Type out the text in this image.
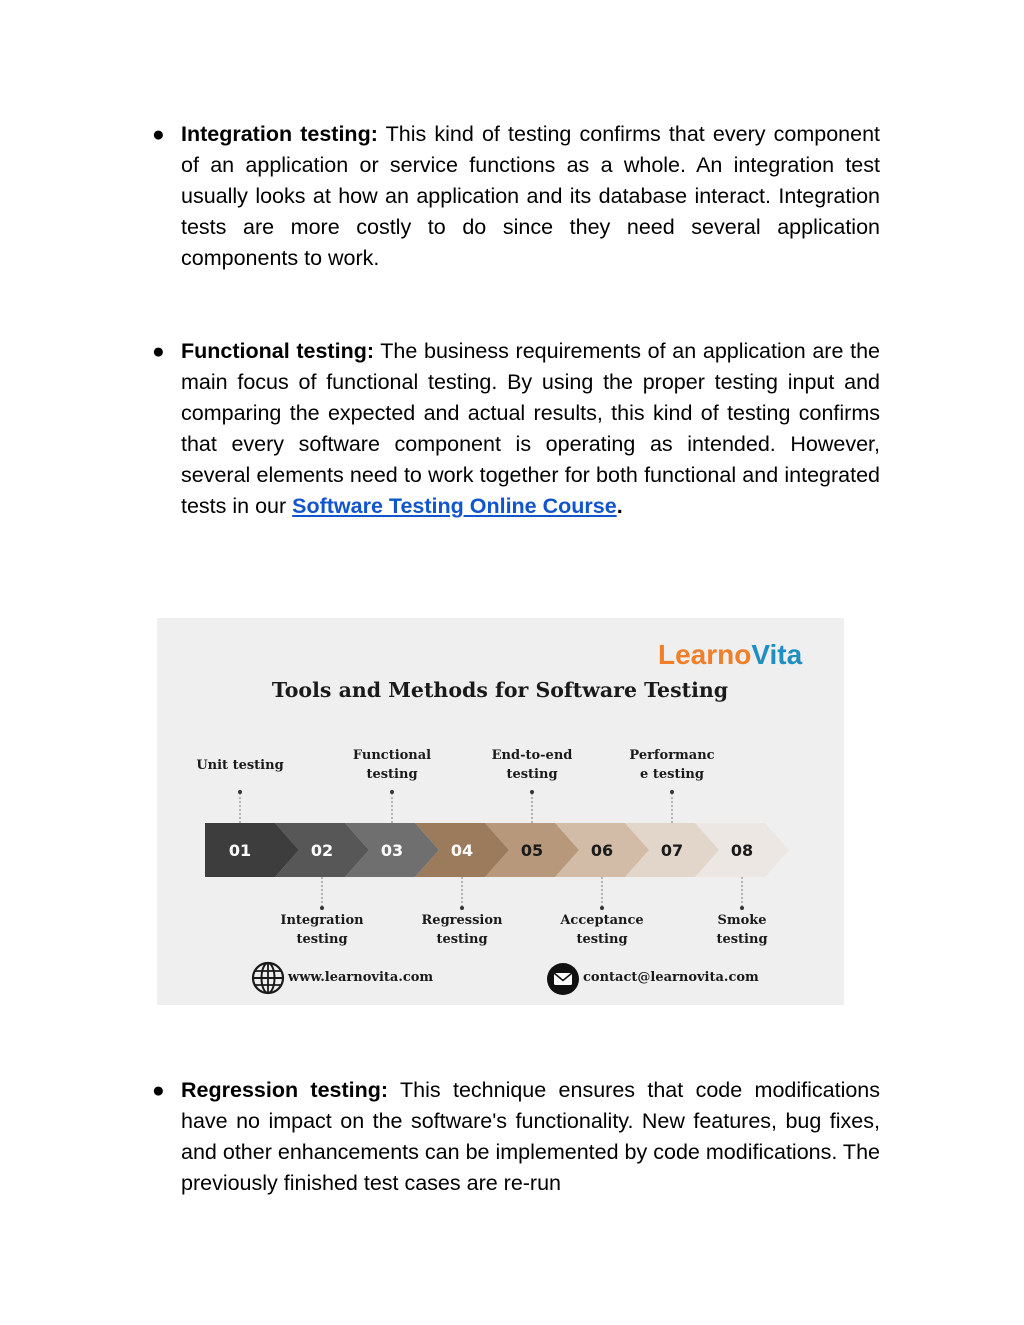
● Integration testing: This kind of testing confirms that every component of an application or service functions as a whole. An integration test usually looks at how an application and its database interact. Integration tests are more costly to do since they need several application components to work.

● Functional testing: The business requirements of an application are the main focus of functional testing. By using the proper testing input and comparing the expected and actual results, this kind of testing confirms that every software component is operating as intended. However, several elements need to work together for both functional and integrated tests in our Software Testing Online Course.

LearnoVita
Tools and Methods for Software Testing
01
Unit testing
02
Integration
testing
03
Functional
testing
04
Regression
testing
05
End-to-end
testing
06
Acceptance
testing
07
Performanc
e testing
08
Smoke
testing
www.learnovita.com	contact@learnovita.com
● Regression testing: This technique ensures that code modifications have no impact on the software's functionality. New features, bug fixes, and other enhancements can be implemented by code modifications. The previously finished test cases are re-run
